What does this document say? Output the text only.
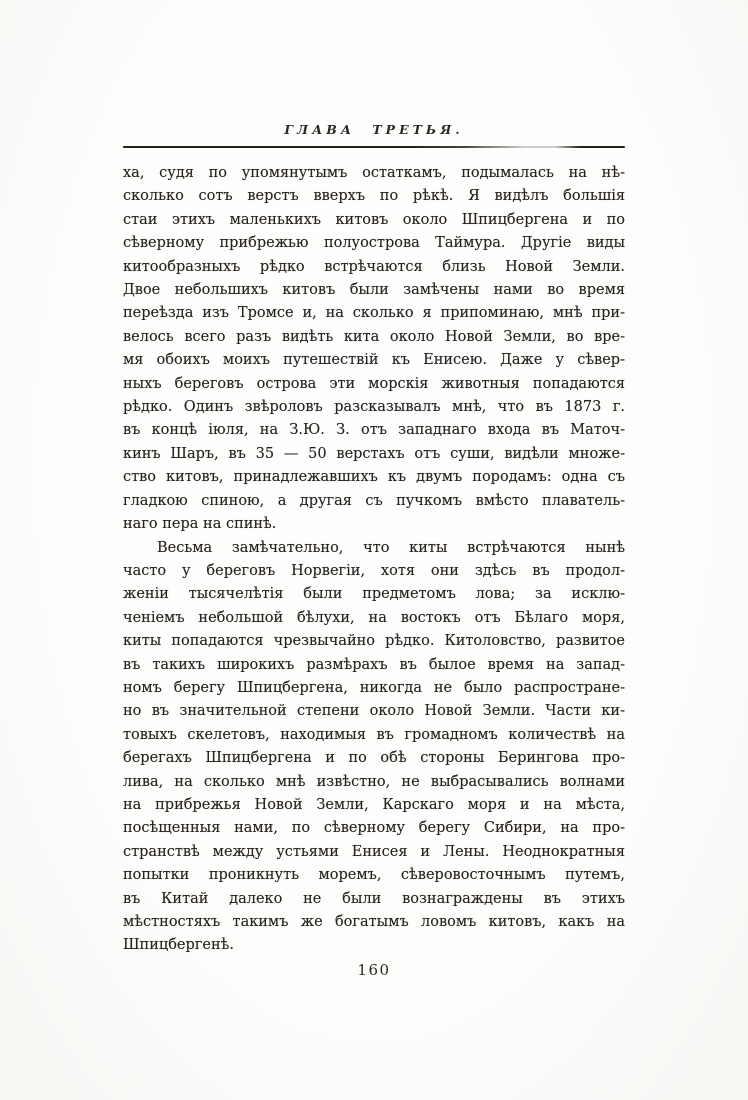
ГЛАВА ТРЕТЬЯ.
ха, судя по упомянутымъ остаткамъ, подымалась на нѣ-
сколько сотъ верстъ вверхъ по рѣкѣ. Я видѣлъ большія
стаи этихъ маленькихъ китовъ около Шпицбергена и по
сѣверному прибрежью полуострова Таймура. Другіе виды
китообразныхъ рѣдко встрѣчаются близь Новой Земли.
Двое небольшихъ китовъ были замѣчены нами во время
переѣзда изъ Тромсе и, на сколько я припоминаю, мнѣ при-
велось всего разъ видѣть кита около Новой Земли, во вре-
мя обоихъ моихъ путешествій къ Енисею. Даже у сѣвер-
ныхъ береговъ острова эти морскія животныя попадаются
рѣдко. Одинъ звѣроловъ разсказывалъ мнѣ, что въ 1873 г.
въ концѣ іюля, на З.Ю. З. отъ западнаго входа въ Маточ-
кинъ Шаръ, въ 35 — 50 верстахъ отъ суши, видѣли множе-
ство китовъ, принадлежавшихъ къ двумъ породамъ: одна съ
гладкою спиною, а другая съ пучкомъ вмѣсто плаватель-
наго пера на спинѣ.
Весьма замѣчательно, что киты встрѣчаются нынѣ
часто у береговъ Норвегіи, хотя они здѣсь въ продол-
женіи тысячелѣтія были предметомъ лова; за исклю-
ченіемъ небольшой бѣлухи, на востокъ отъ Бѣлаго моря,
киты попадаются чрезвычайно рѣдко. Китоловство, развитое
въ такихъ широкихъ размѣрахъ въ былое время на запад-
номъ берегу Шпицбергена, никогда не было распростране-
но въ значительной степени около Новой Земли. Части ки-
товыхъ скелетовъ, находимыя въ громадномъ количествѣ на
берегахъ Шпицбергена и по обѣ стороны Берингова про-
лива, на сколько мнѣ извѣстно, не выбрасывались волнами
на прибрежья Новой Земли, Карскаго моря и на мѣста,
посѣщенныя нами, по сѣверному берегу Сибири, на про-
странствѣ между устьями Енисея и Лены. Неоднократныя
попытки проникнуть моремъ, сѣверовосточнымъ путемъ,
въ Китай далеко не были вознаграждены въ этихъ
мѣстностяхъ такимъ же богатымъ ловомъ китовъ, какъ на
Шпицбергенѣ.
160
